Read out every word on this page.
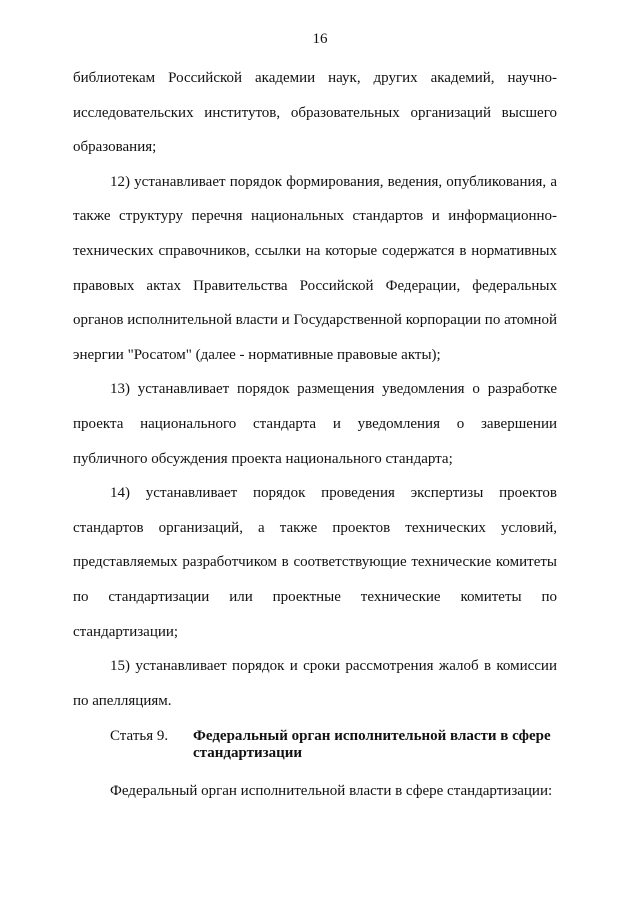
16

библиотекам Российской академии наук, других академий, научно-исследовательских институтов, образовательных организаций высшего образования;

12) устанавливает порядок формирования, ведения, опубликования, а также структуру перечня национальных стандартов и информационно-технических справочников, ссылки на которые содержатся в нормативных правовых актах Правительства Российской Федерации, федеральных органов исполнительной власти и Государственной корпорации по атомной энергии "Росатом" (далее - нормативные правовые акты);

13) устанавливает порядок размещения уведомления о разработке проекта национального стандарта и уведомления о завершении публичного обсуждения проекта национального стандарта;

14) устанавливает порядок проведения экспертизы проектов стандартов организаций, а также проектов технических условий, представляемых разработчиком в соответствующие технические комитеты по стандартизации или проектные технические комитеты по стандартизации;

15) устанавливает порядок и сроки рассмотрения жалоб в комиссии по апелляциям.

Статья 9.	Федеральный орган исполнительной власти в сфере стандартизации

Федеральный орган исполнительной власти в сфере стандартизации:
